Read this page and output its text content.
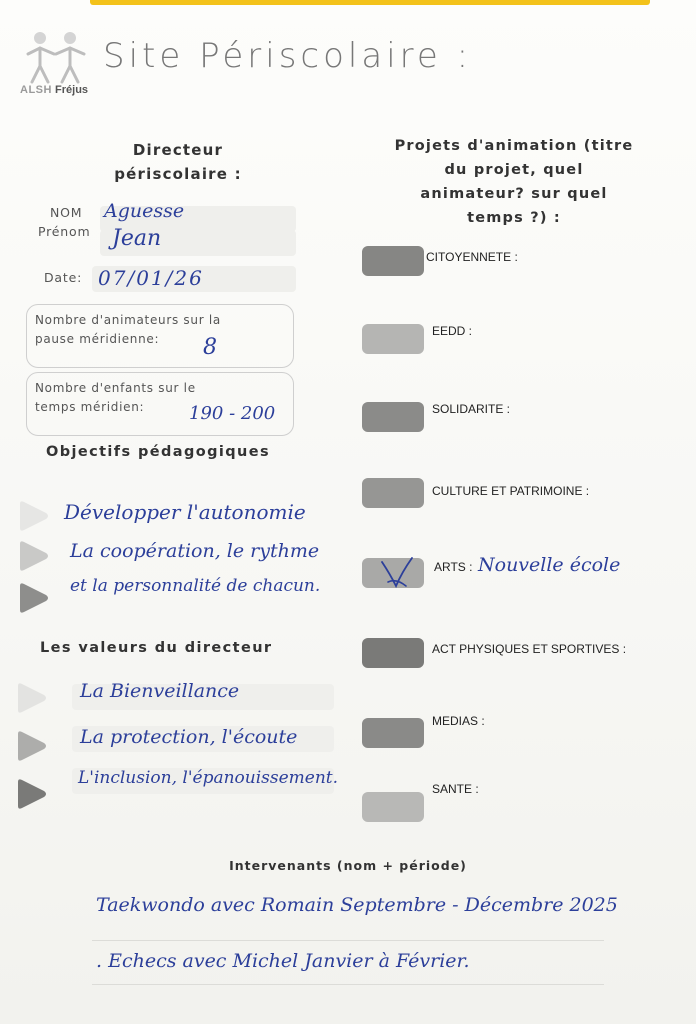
ALSH Fréjus
Site Périscolaire :
Directeur
périscolaire :
NOM Aguesse
Prénom Jean
Date: 07/01/26
Nombre d'animateurs sur la
pause méridienne:	8
Nombre d'enfants sur le
temps méridien:	190 - 200
Objectifs pédagogiques
Développer l'autonomie
La coopération, le rythme
et la personnalité de chacun.
Les valeurs du directeur
La Bienveillance
La protection, l'écoute
L'inclusion, l'épanouissement.
Projets d'animation (titre
du projet, quel
animateur? sur quel
temps ?) :
CITOYENNETE :
EEDD :
SOLIDARITE :
CULTURE ET PATRIMOINE :
ARTS : Nouvelle école
ACT PHYSIQUES ET SPORTIVES :
MEDIAS :
SANTE :
Intervenants (nom + période)
Taekwondo avec Romain Septembre - Décembre 2025
. Echecs avec Michel Janvier à Février.
